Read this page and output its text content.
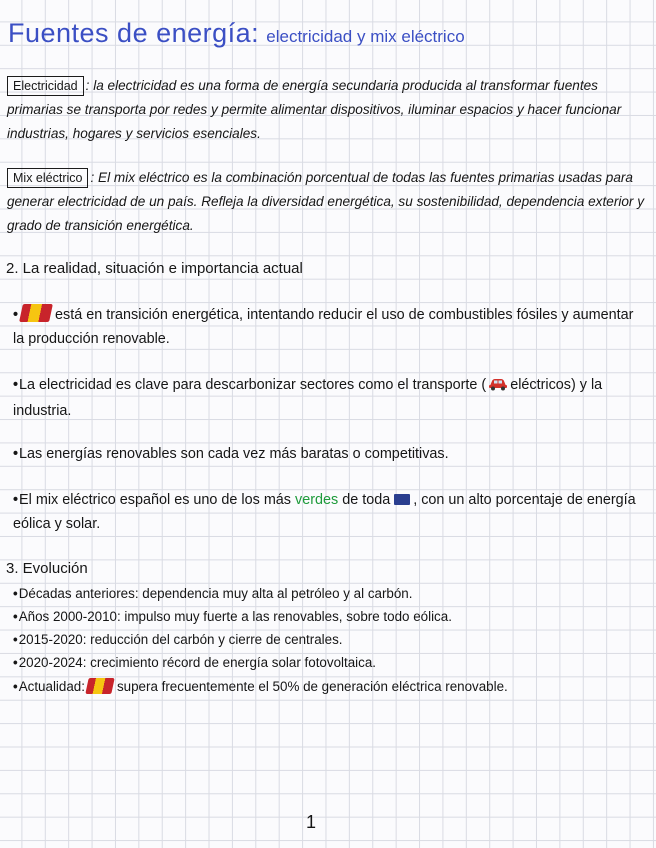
Fuentes de energía: electricidad y mix eléctrico
Electricidad : la electricidad es una forma de energía secundaria producida al transformar fuentes primarias se transporta por redes y permite alimentar dispositivos, iluminar espacios y hacer funcionar industrias, hogares y servicios esenciales.
Mix eléctrico : El mix eléctrico es la combinación porcentual de todas las fuentes primarias usadas para generar electricidad de un país. Refleja la diversidad energética, su sostenibilidad, dependencia exterior y grado de transición energética.
2. La realidad, situación e importancia actual
•	está en transición energética, intentando reducir el uso de combustibles fósiles y aumentar la producción renovable.
•La electricidad es clave para descarbonizar sectores como el transporte ( eléctricos) y la industria.
•Las energías renovables son cada vez más baratas o competitivas.
•El mix eléctrico español es uno de los más verdes de toda , con un alto porcentaje de energía eólica y solar.
3. Evolución
•Décadas anteriores: dependencia muy alta al petróleo y al carbón.
•Años 2000-2010: impulso muy fuerte a las renovables, sobre todo eólica.
•2015-2020: reducción del carbón y cierre de centrales.
•2020-2024: crecimiento récord de energía solar fotovoltaica.
•Actualidad: supera frecuentemente el 50% de generación eléctrica renovable.
1
